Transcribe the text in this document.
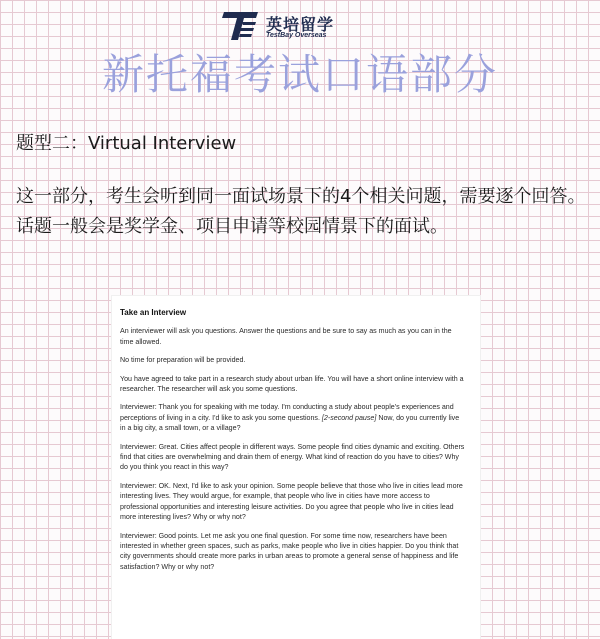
英培留学
TestBay Overseas
新托福考试口语部分
题型二：Virtual Interview
这一部分，考生会听到同一面试场景下的4个相关问题，需要逐个回答。话题一般会是奖学金、项目申请等校园情景下的面试。
Take an Interview
An interviewer will ask you questions. Answer the questions and be sure to say as much as you can in the time allowed.
No time for preparation will be provided.
You have agreed to take part in a research study about urban life. You will have a short online interview with a researcher. The researcher will ask you some questions.
Interviewer: Thank you for speaking with me today. I'm conducting a study about people's experiences and perceptions of living in a city. I'd like to ask you some questions. [2-second pause] Now, do you currently live in a big city, a small town, or a village?
Interviewer: Great. Cities affect people in different ways. Some people find cities dynamic and exciting. Others find that cities are overwhelming and drain them of energy. What kind of reaction do you have to cities? Why do you think you react in this way?
Interviewer: OK. Next, I'd like to ask your opinion. Some people believe that those who live in cities lead more interesting lives. They would argue, for example, that people who live in cities have more access to professional opportunities and interesting leisure activities. Do you agree that people who live in cities lead more interesting lives? Why or why not?
Interviewer: Good points. Let me ask you one final question. For some time now, researchers have been interested in whether green spaces, such as parks, make people who live in cities happier. Do you think that city governments should create more parks in urban areas to promote a general sense of happiness and life satisfaction? Why or why not?
